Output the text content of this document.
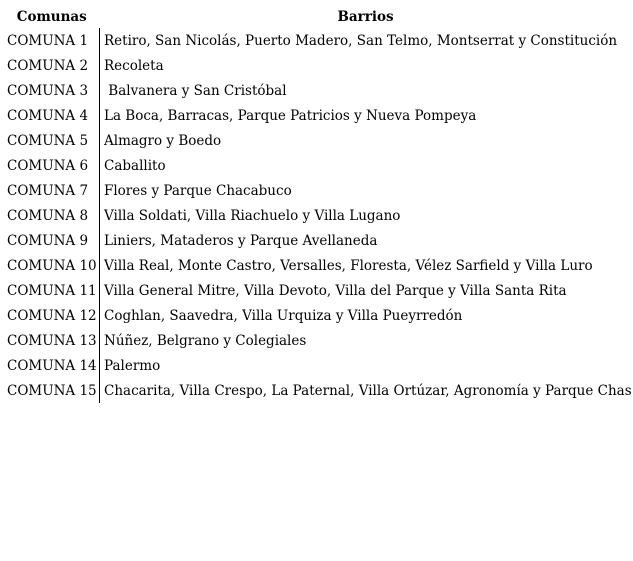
Comunas	Barrios
COMUNA 1	Retiro, San Nicolás, Puerto Madero, San Telmo, Montserrat y Constitución
COMUNA 2	Recoleta
COMUNA 3	Balvanera y San Cristóbal
COMUNA 4	La Boca, Barracas, Parque Patricios y Nueva Pompeya
COMUNA 5	Almagro y Boedo
COMUNA 6	Caballito
COMUNA 7	Flores y Parque Chacabuco
COMUNA 8	Villa Soldati, Villa Riachuelo y Villa Lugano
COMUNA 9	Liniers, Mataderos y Parque Avellaneda
COMUNA 10	Villa Real, Monte Castro, Versalles, Floresta, Vélez Sarfield y Villa Luro
COMUNA 11	Villa General Mitre, Villa Devoto, Villa del Parque y Villa Santa Rita
COMUNA 12	Coghlan, Saavedra, Villa Urquiza y Villa Pueyrredón
COMUNA 13	Núñez, Belgrano y Colegiales
COMUNA 14	Palermo
COMUNA 15	Chacarita, Villa Crespo, La Paternal, Villa Ortúzar, Agronomía y Parque Chas
